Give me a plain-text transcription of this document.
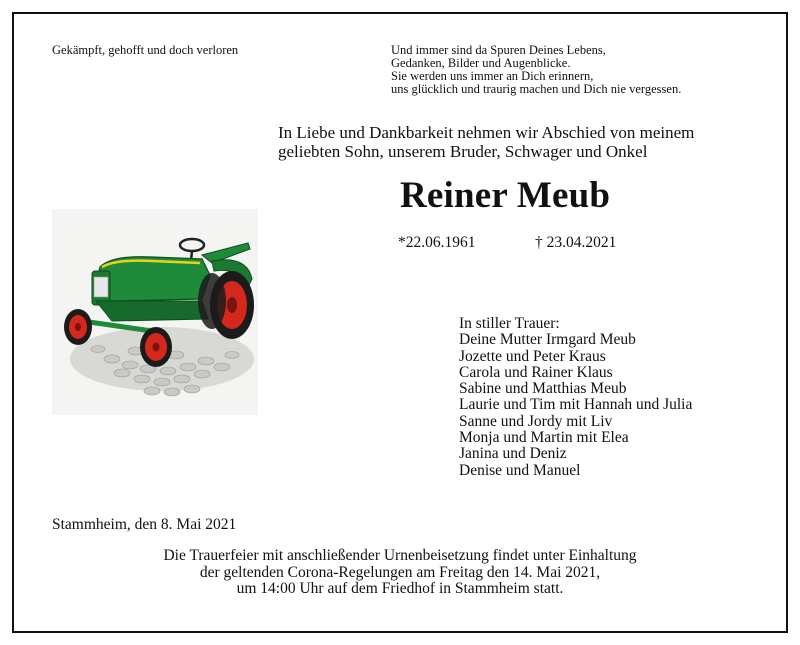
Gekämpft, gehofft und doch verloren	Und immer sind da Spuren Deines Lebens,
Gedanken, Bilder und Augenblicke.
Sie werden uns immer an Dich erinnern,
uns glücklich und traurig machen und Dich nie vergessen.
In Liebe und Dankbarkeit nehmen wir Abschied von meinem
geliebten Sohn, unserem Bruder, Schwager und Onkel
Reiner Meub
*22.06.1961	† 23.04.2021
In stiller Trauer:
Deine Mutter Irmgard Meub
Jozette und Peter Kraus
Carola und Rainer Klaus
Sabine und Matthias Meub
Laurie und Tim mit Hannah und Julia
Sanne und Jordy mit Liv
Monja und Martin mit Elea
Janina und Deniz
Denise und Manuel
Stammheim, den 8. Mai 2021
Die Trauerfeier mit anschließender Urnenbeisetzung findet unter Einhaltung
der geltenden Corona-Regelungen am Freitag den 14. Mai 2021,
um 14:00 Uhr auf dem Friedhof in Stammheim statt.
